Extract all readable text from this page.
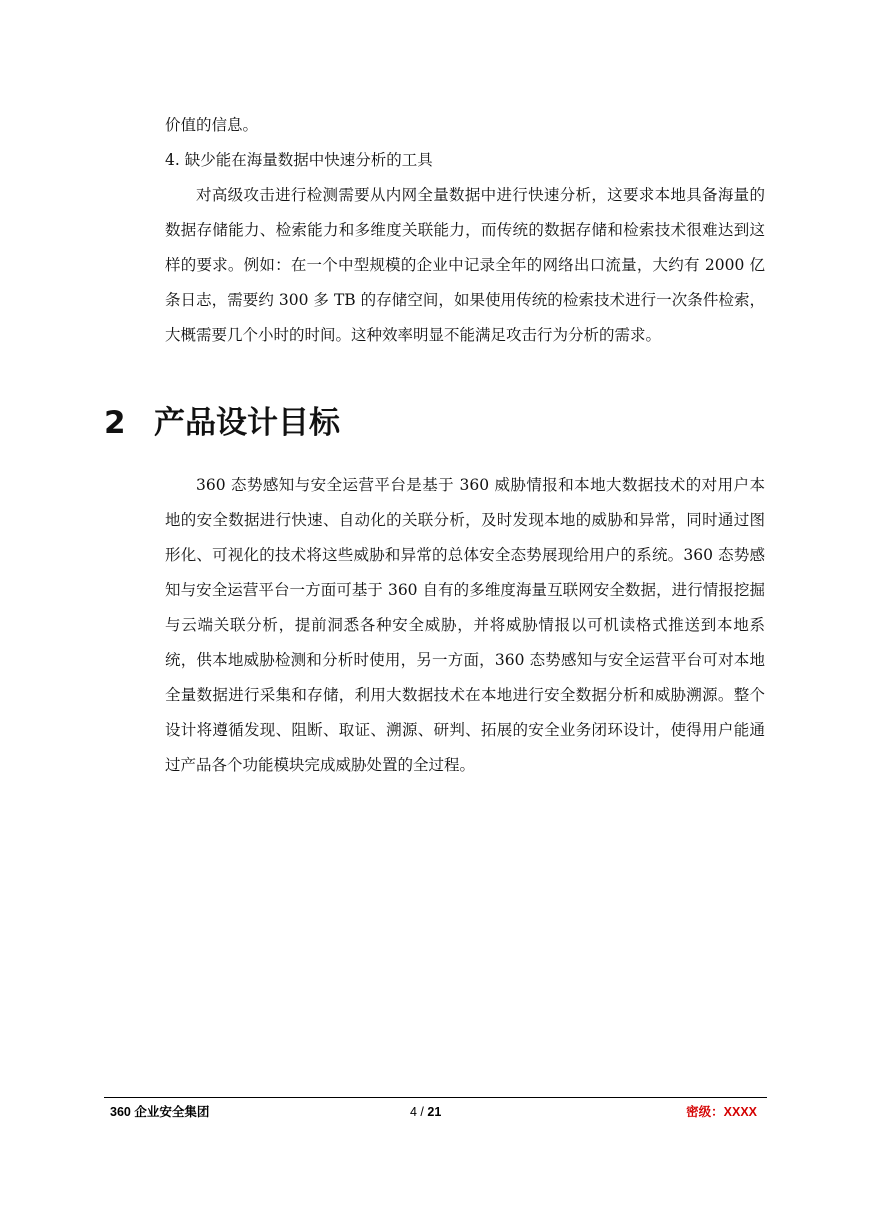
价值的信息。

4. 缺少能在海量数据中快速分析的工具

对高级攻击进行检测需要从内网全量数据中进行快速分析，这要求本地具备海量的数据存储能力、检索能力和多维度关联能力，而传统的数据存储和检索技术很难达到这样的要求。例如：在一个中型规模的企业中记录全年的网络出口流量，大约有 2000 亿条日志，需要约 300 多 TB 的存储空间，如果使用传统的检索技术进行一次条件检索，大概需要几个小时的时间。这种效率明显不能满足攻击行为分析的需求。

2 产品设计目标

360 态势感知与安全运营平台是基于 360 威胁情报和本地大数据技术的对用户本地的安全数据进行快速、自动化的关联分析，及时发现本地的威胁和异常，同时通过图形化、可视化的技术将这些威胁和异常的总体安全态势展现给用户的系统。360 态势感知与安全运营平台一方面可基于 360 自有的多维度海量互联网安全数据，进行情报挖掘与云端关联分析，提前洞悉各种安全威胁，并将威胁情报以可机读格式推送到本地系统，供本地威胁检测和分析时使用，另一方面，360 态势感知与安全运营平台可对本地全量数据进行采集和存储，利用大数据技术在本地进行安全数据分析和威胁溯源。整个设计将遵循发现、阻断、取证、溯源、研判、拓展的安全业务闭环设计，使得用户能通过产品各个功能模块完成威胁处置的全过程。

360 企业安全集团	4 / 21	密级：XXXX
